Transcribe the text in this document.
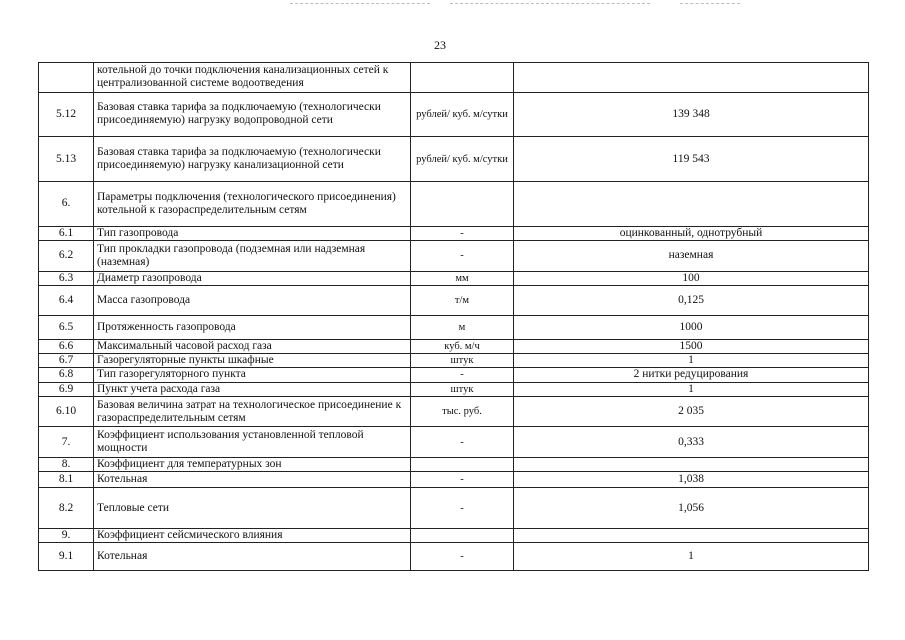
23
	котельной до точки подключения канализационных сетей к централизованной системе водоотведения		
5.12	Базовая ставка тарифа за подключаемую (технологически присоединяемую) нагрузку водопроводной сети	рублей/ куб. м/сутки	139 348
5.13	Базовая ставка тарифа за подключаемую (технологически присоединяемую) нагрузку канализационной сети	рублей/ куб. м/сутки	119 543
6.	Параметры подключения (технологического присоединения) котельной к газораспределительным сетям		
6.1	Тип газопровода	-	оцинкованный, однотрубный
6.2	Тип прокладки газопровода (подземная или надземная (наземная)	-	наземная
6.3	Диаметр газопровода	мм	100
6.4	Масса газопровода	т/м	0,125
6.5	Протяженность газопровода	м	1000
6.6	Максимальный часовой расход газа	куб. м/ч	1500
6.7	Газорегуляторные пункты шкафные	штук	1
6.8	Тип газорегуляторного пункта	-	2 нитки редуцирования
6.9	Пункт учета расхода газа	штук	1
6.10	Базовая величина затрат на технологическое присоединение к газораспределительным сетям	тыс. руб.	2 035
7.	Коэффициент использования установленной тепловой мощности	-	0,333
8.	Коэффициент для температурных зон		
8.1	Котельная	-	1,038
8.2	Тепловые сети	-	1,056
9.	Коэффициент сейсмического влияния		
9.1	Котельная	-	1
